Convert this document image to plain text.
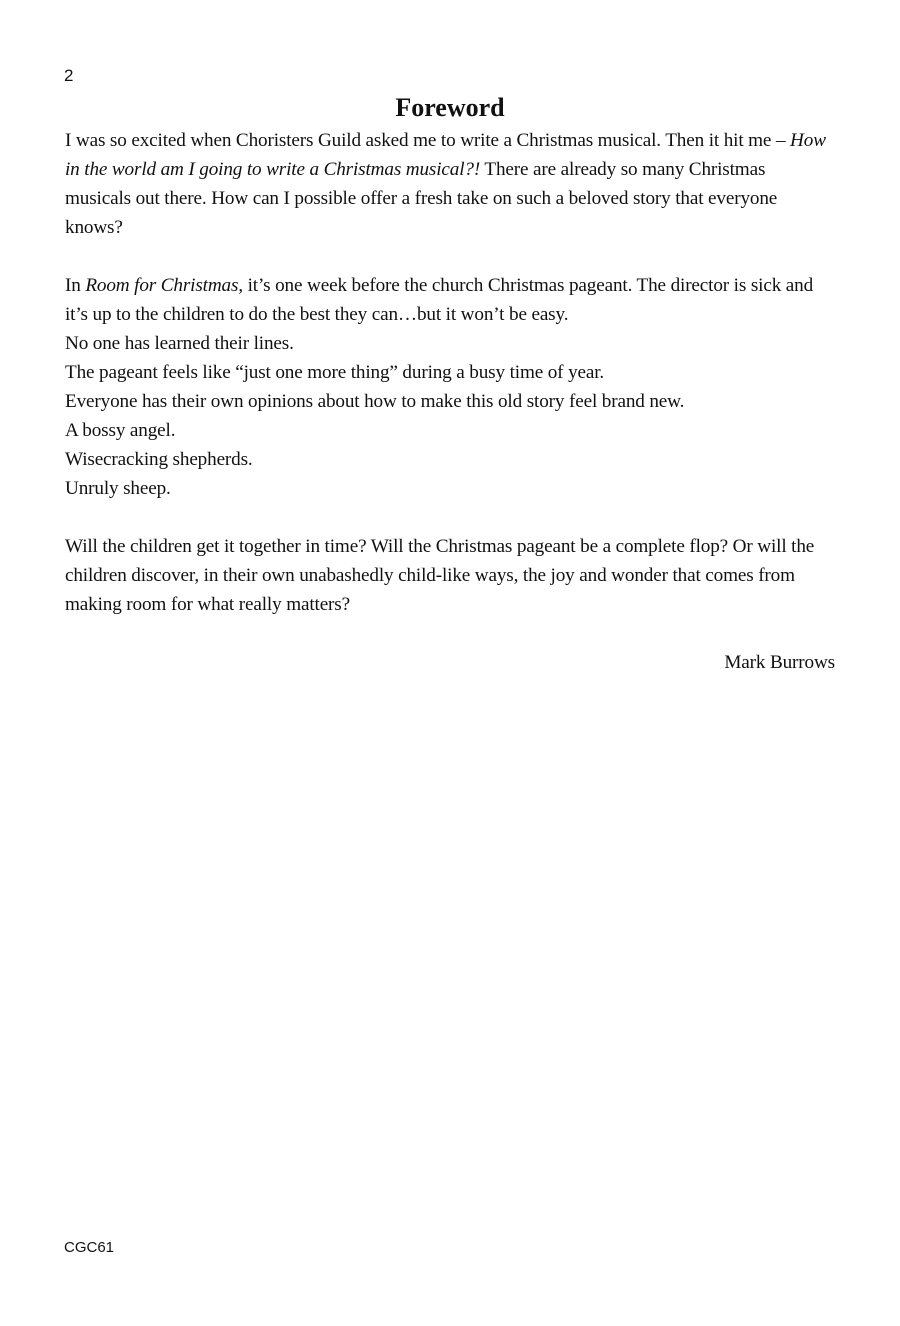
2
Foreword

I was so excited when Choristers Guild asked me to write a Christmas musical. Then it hit me – How in the world am I going to write a Christmas musical?! There are already so many Christmas musicals out there. How can I possible offer a fresh take on such a beloved story that everyone knows?

In Room for Christmas, it’s one week before the church Christmas pageant. The director is sick and it’s up to the children to do the best they can…but it won’t be easy.

No one has learned their lines.

The pageant feels like “just one more thing” during a busy time of year.

Everyone has their own opinions about how to make this old story feel brand new.

A bossy angel.

Wisecracking shepherds.

Unruly sheep.

Will the children get it together in time? Will the Christmas pageant be a complete flop? Or will the children discover, in their own unabashedly child-like ways, the joy and wonder that comes from making room for what really matters?

Mark Burrows

CGC61
